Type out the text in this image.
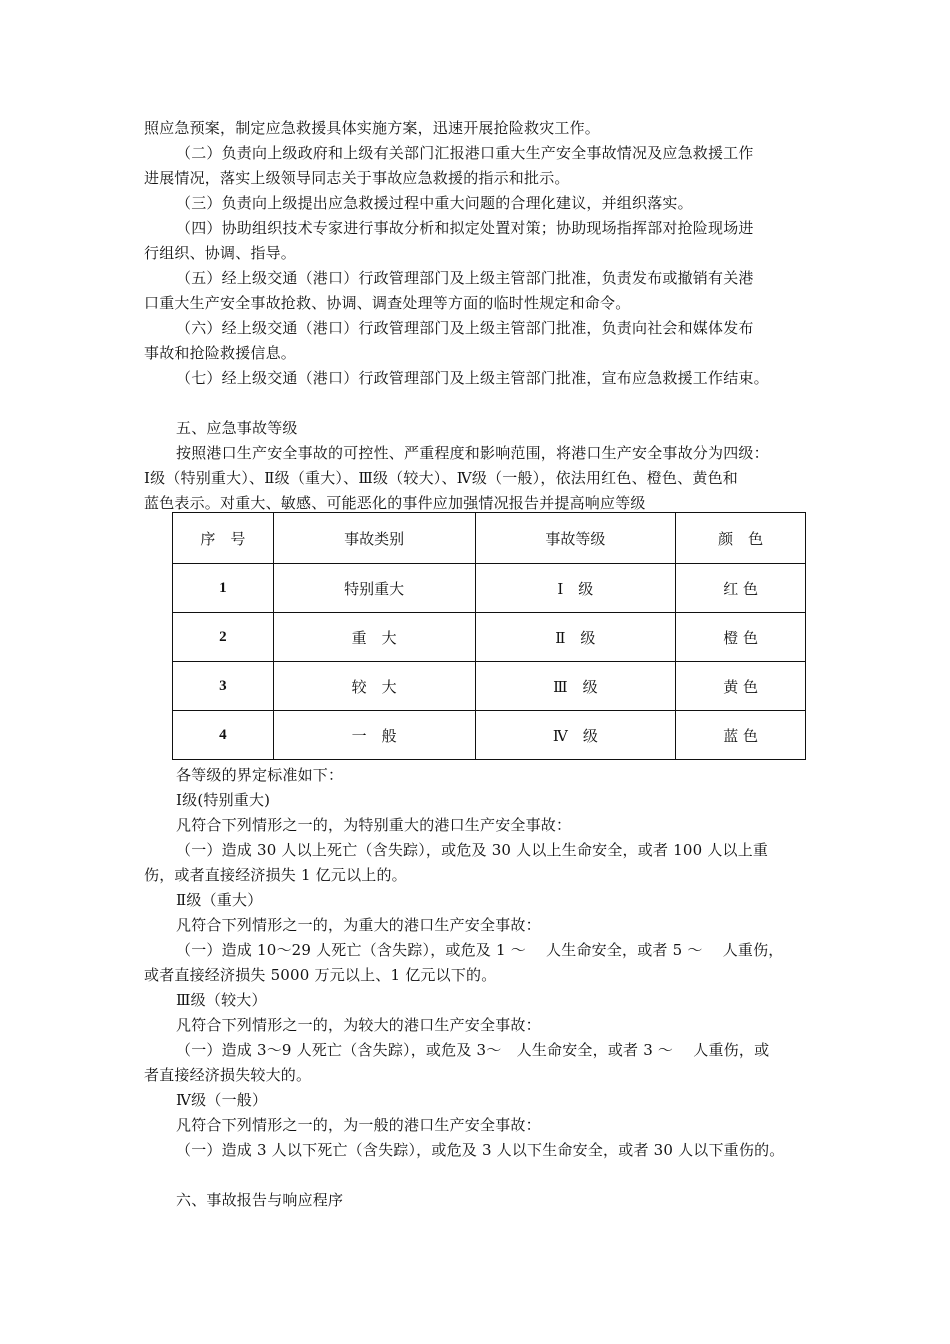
照应急预案，制定应急救援具体实施方案，迅速开展抢险救灾工作。
（二）负责向上级政府和上级有关部门汇报港口重大生产安全事故情况及应急救援工作
进展情况，落实上级领导同志关于事故应急救援的指示和批示。
（三）负责向上级提出应急救援过程中重大问题的合理化建议，并组织落实。
（四）协助组织技术专家进行事故分析和拟定处置对策；协助现场指挥部对抢险现场进
行组织、协调、指导。
（五）经上级交通（港口）行政管理部门及上级主管部门批准，负责发布或撤销有关港
口重大生产安全事故抢救、协调、调查处理等方面的临时性规定和命令。
（六）经上级交通（港口）行政管理部门及上级主管部门批准，负责向社会和媒体发布
事故和抢险救援信息。
（七）经上级交通（港口）行政管理部门及上级主管部门批准，宣布应急救援工作结束。
五、应急事故等级
按照港口生产安全事故的可控性、严重程度和影响范围，将港口生产安全事故分为四级：
Ⅰ级（特别重大）、Ⅱ级（重大）、Ⅲ级（较大）、Ⅳ级（一般），依法用红色、橙色、黄色和
蓝色表示。对重大、敏感、可能恶化的事件应加强情况报告并提高响应等级
序　号	事故类别	事故等级	颜　色
1	特别重大	Ⅰ　级	红 色
2	重　大	Ⅱ　级	橙 色
3	较　大	Ⅲ　级	黄 色
4	一　般	Ⅳ　级	蓝 色
各等级的界定标准如下：
Ⅰ级(特别重大)
凡符合下列情形之一的，为特别重大的港口生产安全事故：
（一）造成 30 人以上死亡（含失踪），或危及 30 人以上生命安全，或者 100 人以上重
伤，或者直接经济损失 1 亿元以上的。
Ⅱ级（重大）
凡符合下列情形之一的，为重大的港口生产安全事故：
（一）造成 10～29 人死亡（含失踪），或危及 1 ～　 人生命安全，或者 5 ～　 人重伤，
或者直接经济损失 5000 万元以上、1 亿元以下的。
Ⅲ级（较大）
凡符合下列情形之一的，为较大的港口生产安全事故：
（一）造成 3～9 人死亡（含失踪），或危及 3～　人生命安全，或者 3 ～　 人重伤，或
者直接经济损失较大的。
Ⅳ级（一般）
凡符合下列情形之一的，为一般的港口生产安全事故：
（一）造成 3 人以下死亡（含失踪），或危及 3 人以下生命安全，或者 30 人以下重伤的。
六、事故报告与响应程序
